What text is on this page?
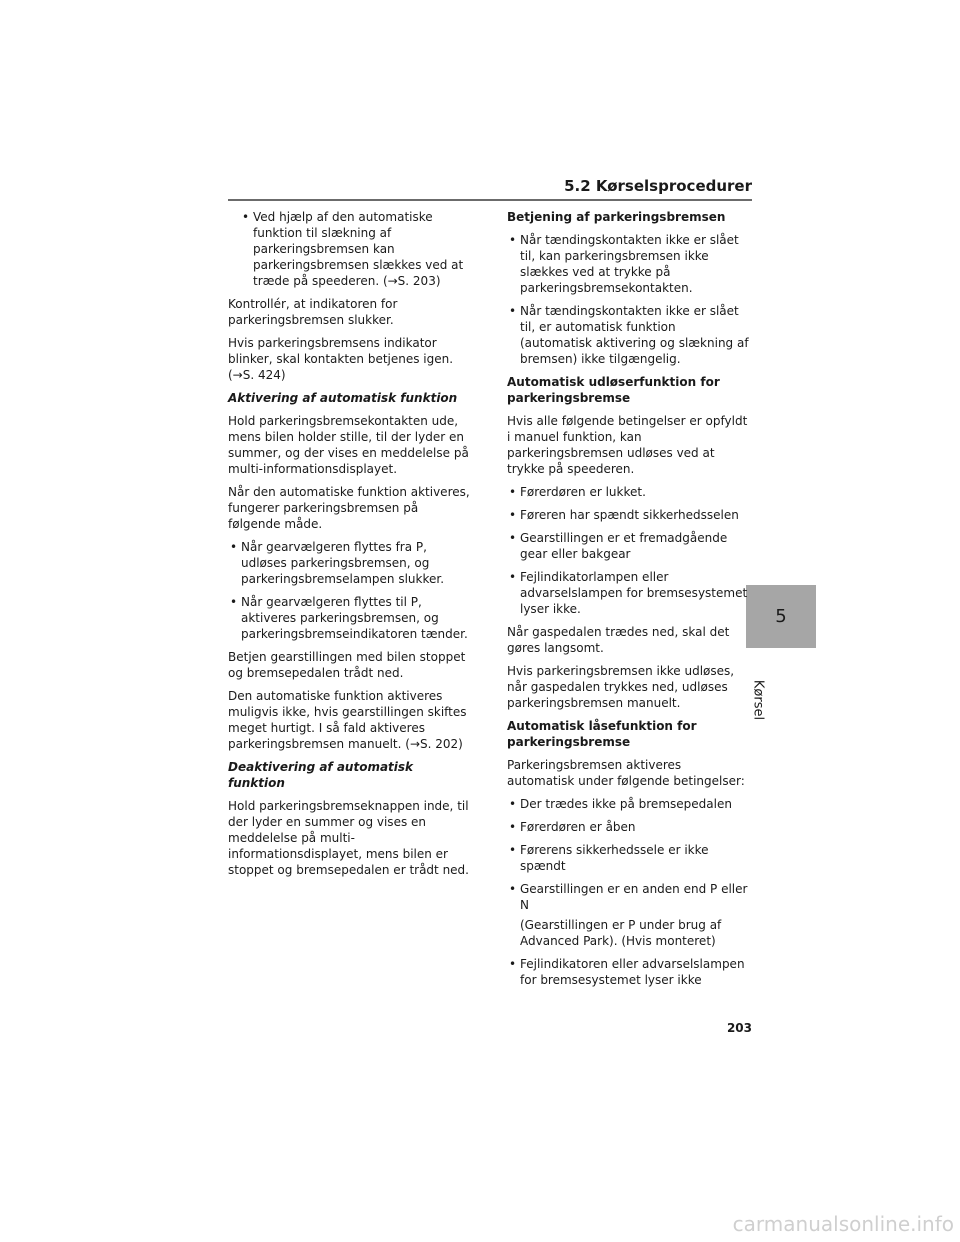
5.2 Kørselsprocedurer
5
Kørsel
• Ved hjælp af den automatiske funktion til slækning af parkeringsbremsen kan parkeringsbremsen slækkes ved at træde på speederen. (→S. 203)

Kontrollér, at indikatoren for parkeringsbremsen slukker.

Hvis parkeringsbremsens indikator blinker, skal kontakten betjenes igen. (→S. 424)

Aktivering af automatisk funktion

Hold parkeringsbremsekontakten ude, mens bilen holder stille, til der lyder en summer, og der vises en meddelelse på multi-informationsdisplayet.

Når den automatiske funktion aktiveres, fungerer parkeringsbremsen på følgende måde.

• Når gearvælgeren flyttes fra P, udløses parkeringsbremsen, og parkeringsbremselampen slukker.
• Når gearvælgeren flyttes til P, aktiveres parkeringsbremsen, og parkeringsbremseindikatoren tænder.

Betjen gearstillingen med bilen stoppet og bremsepedalen trådt ned.

Den automatiske funktion aktiveres muligvis ikke, hvis gearstillingen skiftes meget hurtigt. I så fald aktiveres parkeringsbremsen manuelt. (→S. 202)

Deaktivering af automatisk funktion

Hold parkeringsbremseknappen inde, til der lyder en summer og vises en meddelelse på multi-informationsdisplayet, mens bilen er stoppet og bremsepedalen er trådt ned.

Betjening af parkeringsbremsen

• Når tændingskontakten ikke er slået til, kan parkeringsbremsen ikke slækkes ved at trykke på parkeringsbremsekontakten.
• Når tændingskontakten ikke er slået til, er automatisk funktion (automatisk aktivering og slækning af bremsen) ikke tilgængelig.

Automatisk udløserfunktion for parkeringsbremse

Hvis alle følgende betingelser er opfyldt i manuel funktion, kan parkeringsbremsen udløses ved at trykke på speederen.

• Førerdøren er lukket.
• Føreren har spændt sikkerhedsselen
• Gearstillingen er et fremadgående gear eller bakgear
• Fejlindikatorlampen eller advarselslampen for bremsesystemet lyser ikke.

Når gaspedalen trædes ned, skal det gøres langsomt.

Hvis parkeringsbremsen ikke udløses, når gaspedalen trykkes ned, udløses parkeringsbremsen manuelt.

Automatisk låsefunktion for parkeringsbremse

Parkeringsbremsen aktiveres automatisk under følgende betingelser:

• Der trædes ikke på bremsepedalen
• Førerdøren er åben
• Førerens sikkerhedssele er ikke spændt
• Gearstillingen er en anden end P eller N

(Gearstillingen er P under brug af Advanced Park). (Hvis monteret)

• Fejlindikatoren eller advarselslampen for bremsesystemet lyser ikke
203
carmanualsonline.info
